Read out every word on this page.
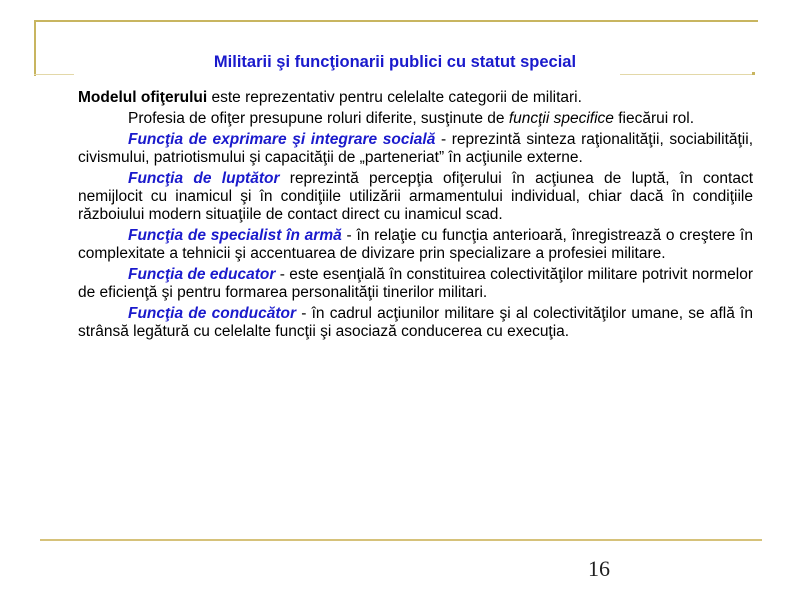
Militarii şi funcţionarii publici cu statut special

Modelul ofiţerului este reprezentativ pentru celelalte categorii de militari.

Profesia de ofiţer presupune roluri diferite, susţinute de funcţii specifice fiecărui rol.

Funcţia de exprimare şi integrare socială - reprezintă sinteza raţionalităţii, sociabilităţii, civismului, patriotismului şi capacităţii de „parteneriat” în acţiunile externe.

Funcţia de luptător reprezintă percepţia ofiţerului în acţiunea de luptă, în contact nemijlocit cu inamicul şi în condiţiile utilizării armamentului individual, chiar dacă în condiţiile războiului modern situaţiile de contact direct cu inamicul scad.

Funcţia de specialist în armă - în relaţie cu funcţia anterioară, înregistrează o creştere în complexitate a tehnicii şi accentuarea de divizare prin specializare a profesiei militare.

Funcţia de educator - este esenţială în constituirea colectivităţilor militare potrivit normelor de eficienţă şi pentru formarea personalităţii tinerilor militari.

Funcţia de conducător - în cadrul acţiunilor militare şi al colectivităţilor umane, se află în strânsă legătură cu celelalte funcţii şi asociază conducerea cu execuţia.

16
